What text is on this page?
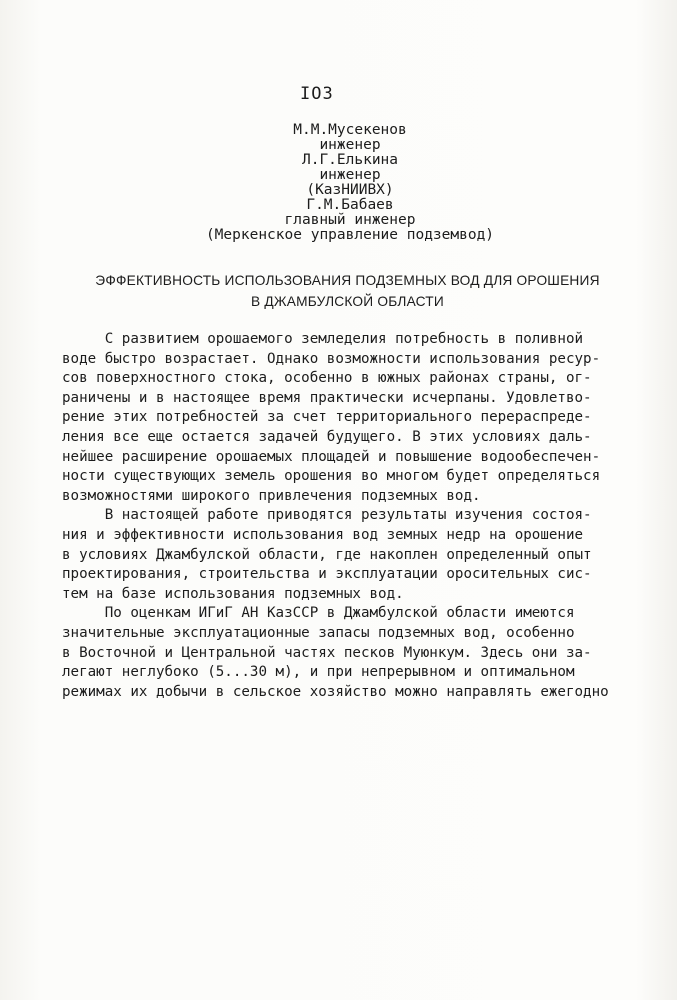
IO3
М.М.Мусекенов
инженер
Л.Г.Елькина
инженер
(КазНИИВХ)
Г.М.Бабаев
главный инженер
(Меркенское управление подземвод)
ЭФФЕКТИВНОСТЬ ИСПОЛЬЗОВАНИЯ ПОДЗЕМНЫХ ВОД ДЛЯ ОРОШЕНИЯ
В ДЖАМБУЛСКОЙ ОБЛАСТИ
С развитием орошаемого земледелия потребность в поливной
воде быстро возрастает. Однако возможности использования ресур-
сов поверхностного стока, особенно в южных районах страны, ог-
раничены и в настоящее время практически исчерпаны. Удовлетво-
рение этих потребностей за счет территориального перераспреде-
ления все еще остается задачей будущего. В этих условиях даль-
нейшее расширение орошаемых площадей и повышение водообеспечен-
ности существующих земель орошения во многом будет определяться
возможностями широкого привлечения подземных вод.
В настоящей работе приводятся результаты изучения состоя-
ния и эффективности использования вод земных недр на орошение
в условиях Джамбулской области, где накоплен определенный опыт
проектирования, строительства и эксплуатации оросительных сис-
тем на базе использования подземных вод.
По оценкам ИГиГ АН КазССР в Джамбулской области имеются
значительные эксплуатационные запасы подземных вод, особенно
в Восточной и Центральной частях песков Муюнкум. Здесь они за-
легают неглубоко (5...30 м), и при непрерывном и оптимальном
режимах их добычи в сельское хозяйство можно направлять ежегодно
